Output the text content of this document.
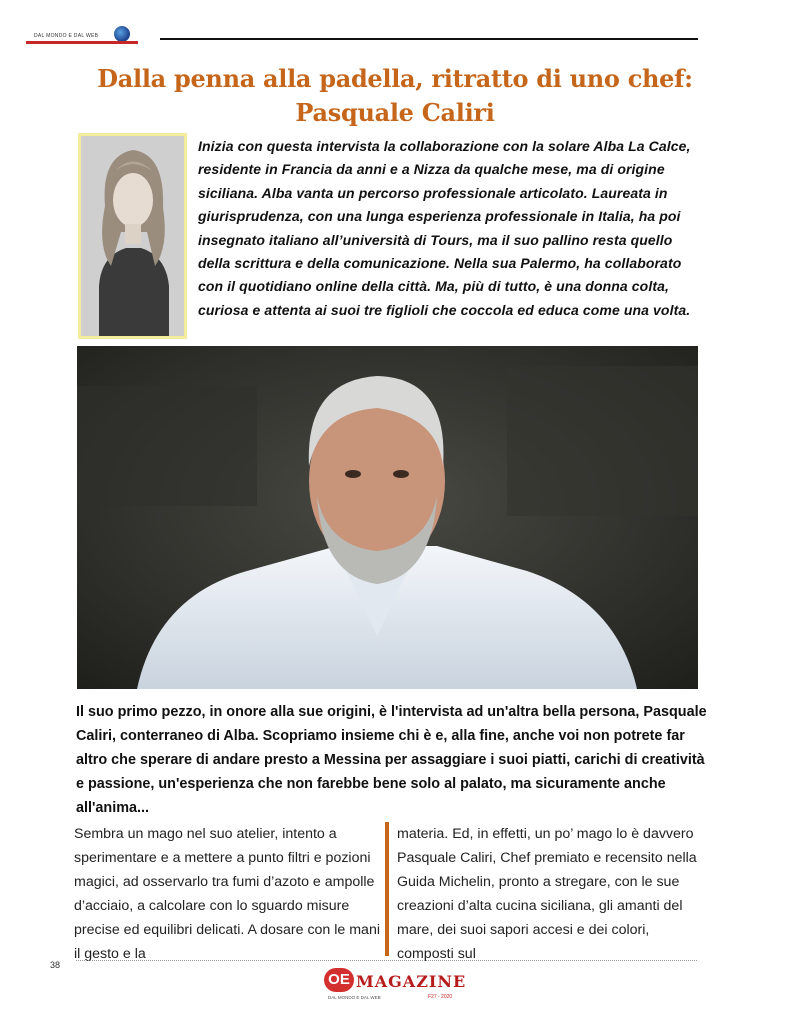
DAL MONDO E DAL WEB
Dalla penna alla padella, ritratto di uno chef: Pasquale Caliri

Inizia con questa intervista la collaborazione con la solare Alba La Calce, residente in Francia da anni e a Nizza da qualche mese, ma di origine siciliana. Alba vanta un percorso professionale articolato. Laureata in giurisprudenza, con una lunga esperienza professionale in Italia, ha poi insegnato italiano all’università di Tours, ma il suo pallino resta quello della scrittura e della comunicazione. Nella sua Palermo, ha collaborato con il quotidiano online della città. Ma, più di tutto, è una donna colta, curiosa e attenta ai suoi tre figlioli che coccola ed educa come una volta.

Il suo primo pezzo, in onore alla sue origini, è l'intervista ad un'altra bella persona, Pasquale Caliri, conterraneo di Alba. Scopriamo insieme chi è e, alla fine, anche voi non potrete far altro che sperare di andare presto a Messina per assaggiare i suoi piatti, carichi di creatività e passione, un'esperienza che non farebbe bene solo al palato, ma sicuramente anche all'anima...

Sembra un mago nel suo atelier, intento a sperimentare e a mettere a punto filtri e pozioni magici, ad osservarlo tra fumi d’azoto e ampolle d’acciaio, a calcolare con lo sguardo misure precise ed equilibri delicati. A dosare con le mani il gesto e la

materia. Ed, in effetti, un po’ mago lo è davvero Pasquale Caliri, Chef premiato e recensito nella Guida Michelin, pronto a stregare, con le sue creazioni d’alta cucina siciliana, gli amanti del mare, dei suoi sapori accesi e dei colori, composti sul

38
OE MAGAZINE
DAL MONDO E DAL WEB	F27 - 2020
